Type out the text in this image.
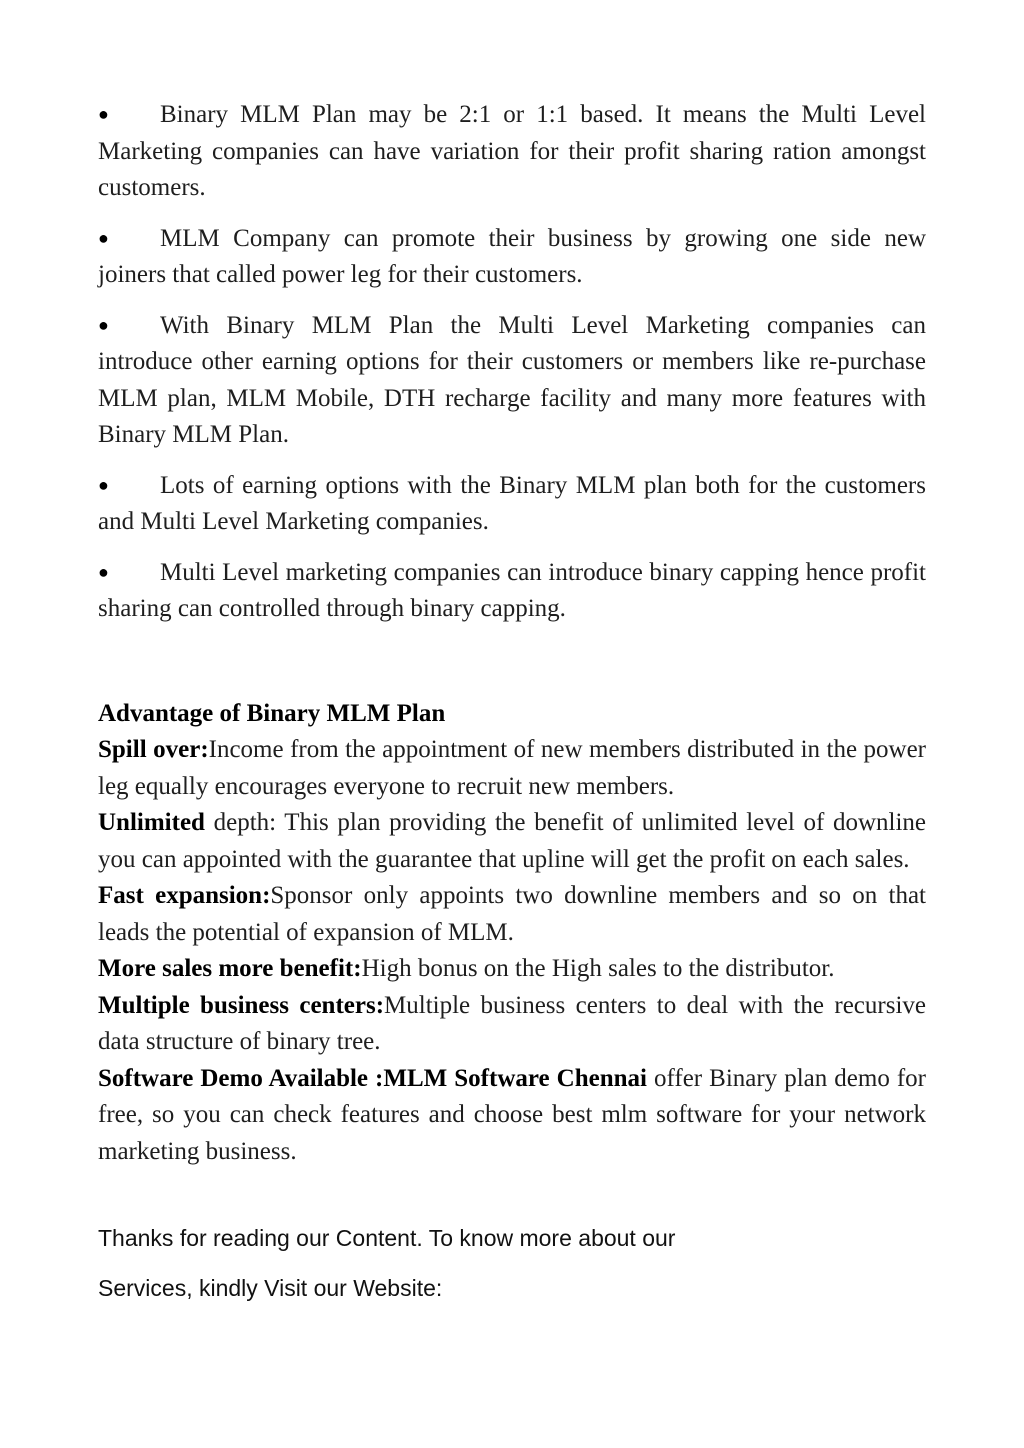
● Binary MLM Plan may be 2:1 or 1:1 based. It means the Multi Level Marketing companies can have variation for their profit sharing ration amongst customers.
● MLM Company can promote their business by growing one side new joiners that called power leg for their customers.
● With Binary MLM Plan the Multi Level Marketing companies can introduce other earning options for their customers or members like re-purchase MLM plan, MLM Mobile, DTH recharge facility and many more features with Binary MLM Plan.
● Lots of earning options with the Binary MLM plan both for the customers and Multi Level Marketing companies.
● Multi Level marketing companies can introduce binary capping hence profit sharing can controlled through binary capping.

Advantage of Binary MLM Plan

Spill over:Income from the appointment of new members distributed in the power leg equally encourages everyone to recruit new members.

Unlimited depth: This plan providing the benefit of unlimited level of downline you can appointed with the guarantee that upline will get the profit on each sales.

Fast expansion:Sponsor only appoints two downline members and so on that leads the potential of expansion of MLM.

More sales more benefit:High bonus on the High sales to the distributor.

Multiple business centers:Multiple business centers to deal with the recursive data structure of binary tree.

Software Demo Available :MLM Software Chennai offer Binary plan demo for free, so you can check features and choose best mlm software for your network marketing business.

Thanks for reading our Content. To know more about our

Services, kindly Visit our Website:
